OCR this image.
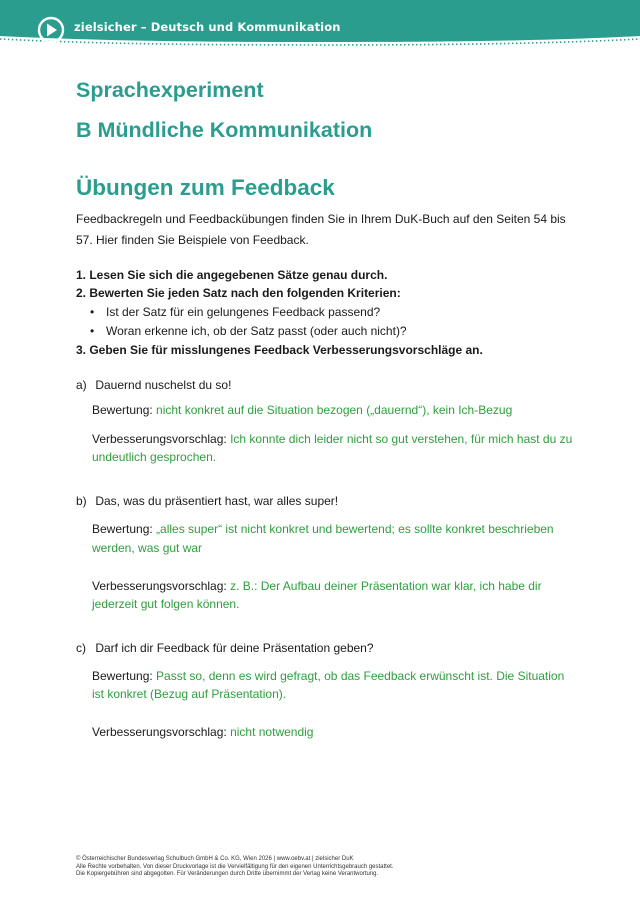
zielsicher – Deutsch und Kommunikation
Sprachexperiment
B Mündliche Kommunikation
Übungen zum Feedback
Feedbackregeln und Feedbackübungen finden Sie in Ihrem DuK-Buch auf den Seiten 54 bis
57. Hier finden Sie Beispiele von Feedback.
1. Lesen Sie sich die angegebenen Sätze genau durch.
2. Bewerten Sie jeden Satz nach den folgenden Kriterien:
• Ist der Satz für ein gelungenes Feedback passend?
• Woran erkenne ich, ob der Satz passt (oder auch nicht)?
3. Geben Sie für misslungenes Feedback Verbesserungsvorschläge an.
a) Dauernd nuschelst du so!
Bewertung: nicht konkret auf die Situation bezogen („dauernd“), kein Ich-Bezug
Verbesserungsvorschlag: Ich konnte dich leider nicht so gut verstehen, für mich hast du zu
undeutlich gesprochen.
b) Das, was du präsentiert hast, war alles super!
Bewertung: „alles super“ ist nicht konkret und bewertend; es sollte konkret beschrieben
werden, was gut war
Verbesserungsvorschlag: z. B.: Der Aufbau deiner Präsentation war klar, ich habe dir
jederzeit gut folgen können.
c) Darf ich dir Feedback für deine Präsentation geben?
Bewertung: Passt so, denn es wird gefragt, ob das Feedback erwünscht ist. Die Situation
ist konkret (Bezug auf Präsentation).
Verbesserungsvorschlag: nicht notwendig
© Österreichischer Bundesverlag Schulbuch GmbH & Co. KG, Wien 2026 | www.oebv.at | zielsicher DuK
Alle Rechte vorbehalten. Von dieser Druckvorlage ist die Vervielfältigung für den eigenen Unterrichtsgebrauch gestattet.
Die Kopiergebühren sind abgegolten. Für Veränderungen durch Dritte übernimmt der Verlag keine Verantwortung.
